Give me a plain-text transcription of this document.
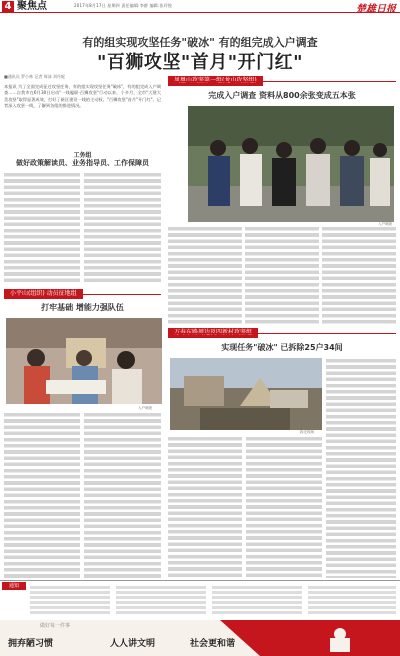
4 聚焦点	2017年8月17日 星期四 责任编辑:李群 编辑:张玲锐	楚雄日报
有的组实现攻坚任务"破冰" 有的组完成入户调查
"百狮攻坚"首月"开门红"
■通讯员 罗小林 记者 周沛 刘丹妮
本报讯 为了全面完成征迁攻坚任务，有的组实现攻坚任务"破冰"，有的组完成入户调查……自我市在6月30日启动"一线履职·百狮攻坚"行动以来，个多月，全市"大建大美攻坚"取得显著成效，打好了新区建设一线的主动权。"百狮攻坚"首月"开门红"，记者深入攻坚一线，了解到各组的推进情况。
工务组
做好政策解读员、业务指导员、工作保障员
小平山(组织) 动员征地组
打牢基础 增能力强队伍
入户调查
完成入户调查 资料从800余张变成五本张
入户调查
实现任务"破冰" 已拆除25户34间
拆迁现场
通知
做好每一件事
拥弃陋习惯	人人讲文明	社会更和谐
